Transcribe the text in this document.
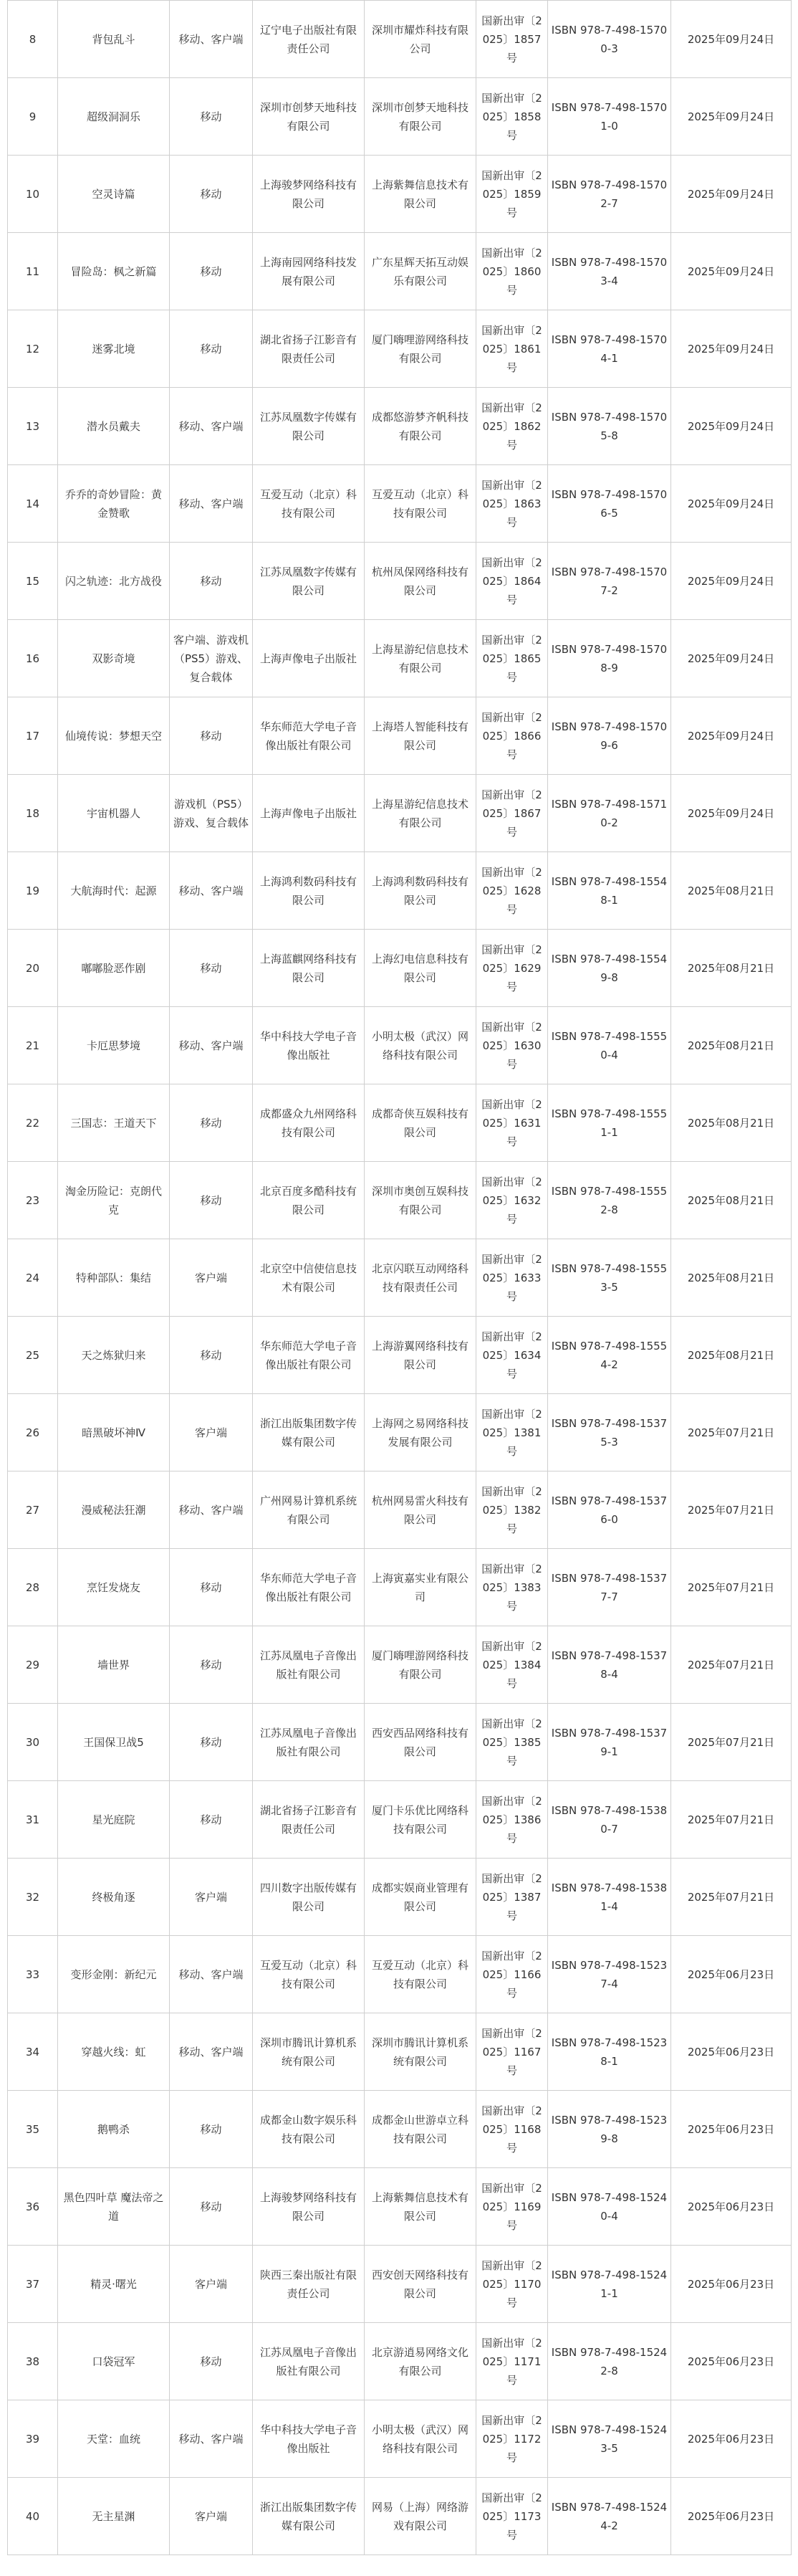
8	背包乱斗	移动、客户端	辽宁电子出版社有限责任公司	深圳市耀炸科技有限公司	国新出审〔2025〕1857号	ISBN 978-7-498-15700-3	2025年09月24日
9	超级洞洞乐	移动	深圳市创梦天地科技有限公司	深圳市创梦天地科技有限公司	国新出审〔2025〕1858号	ISBN 978-7-498-15701-0	2025年09月24日
10	空灵诗篇	移动	上海骏梦网络科技有限公司	上海紫舞信息技术有限公司	国新出审〔2025〕1859号	ISBN 978-7-498-15702-7	2025年09月24日
11	冒险岛：枫之新篇	移动	上海南园网络科技发展有限公司	广东星辉天拓互动娱乐有限公司	国新出审〔2025〕1860号	ISBN 978-7-498-15703-4	2025年09月24日
12	迷雾北境	移动	湖北省扬子江影音有限责任公司	厦门嗨哩游网络科技有限公司	国新出审〔2025〕1861号	ISBN 978-7-498-15704-1	2025年09月24日
13	潜水员戴夫	移动、客户端	江苏凤凰数字传媒有限公司	成都悠游梦齐帆科技有限公司	国新出审〔2025〕1862号	ISBN 978-7-498-15705-8	2025年09月24日
14	乔乔的奇妙冒险：黄金赞歌	移动、客户端	互爱互动（北京）科技有限公司	互爱互动（北京）科技有限公司	国新出审〔2025〕1863号	ISBN 978-7-498-15706-5	2025年09月24日
15	闪之轨迹：北方战役	移动	江苏凤凰数字传媒有限公司	杭州凤保网络科技有限公司	国新出审〔2025〕1864号	ISBN 978-7-498-15707-2	2025年09月24日
16	双影奇境	客户端、游戏机（PS5）游戏、复合载体	上海声像电子出版社	上海星游纪信息技术有限公司	国新出审〔2025〕1865号	ISBN 978-7-498-15708-9	2025年09月24日
17	仙境传说：梦想天空	移动	华东师范大学电子音像出版社有限公司	上海塔人智能科技有限公司	国新出审〔2025〕1866号	ISBN 978-7-498-15709-6	2025年09月24日
18	宇宙机器人	游戏机（PS5）游戏、复合载体	上海声像电子出版社	上海星游纪信息技术有限公司	国新出审〔2025〕1867号	ISBN 978-7-498-15710-2	2025年09月24日
19	大航海时代：起源	移动、客户端	上海鸿利数码科技有限公司	上海鸿利数码科技有限公司	国新出审〔2025〕1628号	ISBN 978-7-498-15548-1	2025年08月21日
20	嘟嘟脸恶作剧	移动	上海蓝麒网络科技有限公司	上海幻电信息科技有限公司	国新出审〔2025〕1629号	ISBN 978-7-498-15549-8	2025年08月21日
21	卡厄思梦境	移动、客户端	华中科技大学电子音像出版社	小明太极（武汉）网络科技有限公司	国新出审〔2025〕1630号	ISBN 978-7-498-15550-4	2025年08月21日
22	三国志：王道天下	移动	成都盛众九州网络科技有限公司	成都奇侠互娱科技有限公司	国新出审〔2025〕1631号	ISBN 978-7-498-15551-1	2025年08月21日
23	淘金历险记：克朗代克	移动	北京百度多酷科技有限公司	深圳市奥创互娱科技有限公司	国新出审〔2025〕1632号	ISBN 978-7-498-15552-8	2025年08月21日
24	特种部队：集结	客户端	北京空中信使信息技术有限公司	北京闪联互动网络科技有限责任公司	国新出审〔2025〕1633号	ISBN 978-7-498-15553-5	2025年08月21日
25	天之炼狱归来	移动	华东师范大学电子音像出版社有限公司	上海游翼网络科技有限公司	国新出审〔2025〕1634号	ISBN 978-7-498-15554-2	2025年08月21日
26	暗黑破坏神Ⅳ	客户端	浙江出版集团数字传媒有限公司	上海网之易网络科技发展有限公司	国新出审〔2025〕1381号	ISBN 978-7-498-15375-3	2025年07月21日
27	漫威秘法狂潮	移动、客户端	广州网易计算机系统有限公司	杭州网易雷火科技有限公司	国新出审〔2025〕1382号	ISBN 978-7-498-15376-0	2025年07月21日
28	烹饪发烧友	移动	华东师范大学电子音像出版社有限公司	上海寅嘉实业有限公司	国新出审〔2025〕1383号	ISBN 978-7-498-15377-7	2025年07月21日
29	墙世界	移动	江苏凤凰电子音像出版社有限公司	厦门嗨哩游网络科技有限公司	国新出审〔2025〕1384号	ISBN 978-7-498-15378-4	2025年07月21日
30	王国保卫战5	移动	江苏凤凰电子音像出版社有限公司	西安西品网络科技有限公司	国新出审〔2025〕1385号	ISBN 978-7-498-15379-1	2025年07月21日
31	星光庭院	移动	湖北省扬子江影音有限责任公司	厦门卡乐优比网络科技有限公司	国新出审〔2025〕1386号	ISBN 978-7-498-15380-7	2025年07月21日
32	终极角逐	客户端	四川数字出版传媒有限公司	成都实娱商业管理有限公司	国新出审〔2025〕1387号	ISBN 978-7-498-15381-4	2025年07月21日
33	变形金刚：新纪元	移动、客户端	互爱互动（北京）科技有限公司	互爱互动（北京）科技有限公司	国新出审〔2025〕1166号	ISBN 978-7-498-15237-4	2025年06月23日
34	穿越火线：虹	移动、客户端	深圳市腾讯计算机系统有限公司	深圳市腾讯计算机系统有限公司	国新出审〔2025〕1167号	ISBN 978-7-498-15238-1	2025年06月23日
35	鹅鸭杀	移动	成都金山数字娱乐科技有限公司	成都金山世游卓立科技有限公司	国新出审〔2025〕1168号	ISBN 978-7-498-15239-8	2025年06月23日
36	黑色四叶草 魔法帝之道	移动	上海骏梦网络科技有限公司	上海紫舞信息技术有限公司	国新出审〔2025〕1169号	ISBN 978-7-498-15240-4	2025年06月23日
37	精灵·曙光	客户端	陕西三秦出版社有限责任公司	西安创天网络科技有限公司	国新出审〔2025〕1170号	ISBN 978-7-498-15241-1	2025年06月23日
38	口袋冠军	移动	江苏凤凰电子音像出版社有限公司	北京游逍易网络文化有限公司	国新出审〔2025〕1171号	ISBN 978-7-498-15242-8	2025年06月23日
39	天堂：血统	移动、客户端	华中科技大学电子音像出版社	小明太极（武汉）网络科技有限公司	国新出审〔2025〕1172号	ISBN 978-7-498-15243-5	2025年06月23日
40	无主星渊	客户端	浙江出版集团数字传媒有限公司	网易（上海）网络游戏有限公司	国新出审〔2025〕1173号	ISBN 978-7-498-15244-2	2025年06月23日
